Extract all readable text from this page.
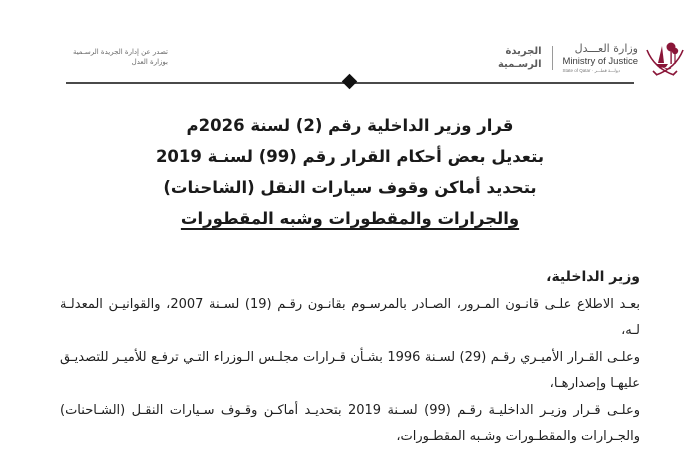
وزارة العـــدل
Ministry of Justice
State of Qatar · دولـــة قطـــر
الجريدة
الرسـمية
تصدر عن إدارة الجريدة الرسـمية
بوزارة العدل
قرار وزير الداخلية رقم (2) لسنة 2026م
بتعديل بعض أحكام القرار رقم (99) لسنـة 2019
بتحديد أماكن وقوف سيارات النقل (الشاحنات)
والجرارات والمقطورات وشبه المقطورات
وزير الداخلية،
بعـد الاطلاع علـى قانـون المـرور، الصـادر بالمرسـوم بقانـون رقـم (19) لسـنة 2007، والقوانيـن المعدلـة لـه،
وعلـى القـرار الأميـري رقـم (29) لسـنة 1996 بشـأن قـرارات مجلـس الـوزراء التـي ترفـع للأميـر للتصديـق عليهـا وإصدارهـا،
وعلـى قـرار وزيـر الداخليـة رقـم (99) لسـنة 2019 بتحديـد أماكـن وقـوف سـيارات النقـل (الشـاحنات) والجـرارات والمقطـورات وشـبه المقطـورات،
